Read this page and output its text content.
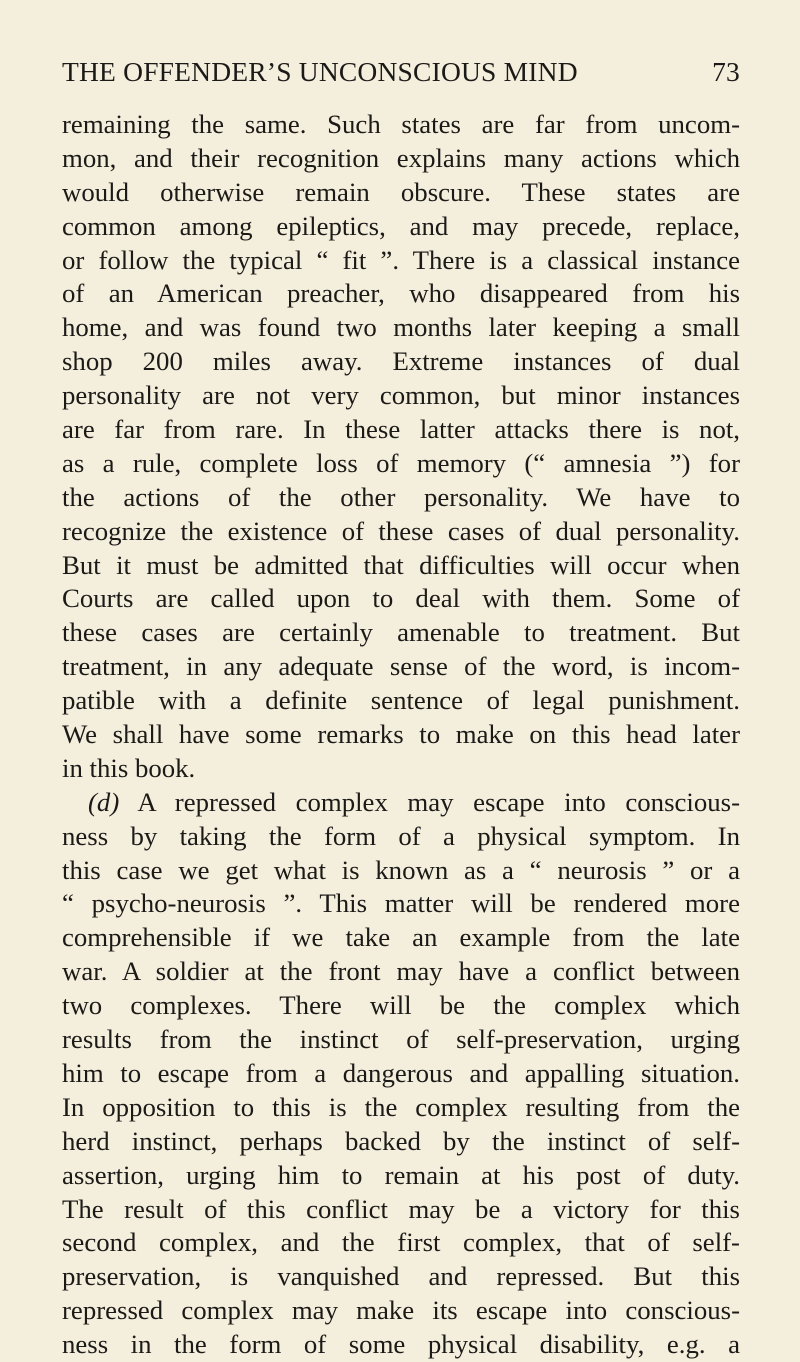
THE OFFENDER’S UNCONSCIOUS MIND	73
remaining the same. Such states are far from uncom-
mon, and their recognition explains many actions which
would otherwise remain obscure. These states are
common among epileptics, and may precede, replace,
or follow the typical “ fit ”. There is a classical instance
of an American preacher, who disappeared from his
home, and was found two months later keeping a small
shop 200 miles away. Extreme instances of dual
personality are not very common, but minor instances
are far from rare. In these latter attacks there is not,
as a rule, complete loss of memory (“ amnesia ”) for
the actions of the other personality. We have to
recognize the existence of these cases of dual personality.
But it must be admitted that difficulties will occur when
Courts are called upon to deal with them. Some of
these cases are certainly amenable to treatment. But
treatment, in any adequate sense of the word, is incom-
patible with a definite sentence of legal punishment.
We shall have some remarks to make on this head later
in this book.
(d) A repressed complex may escape into conscious-
ness by taking the form of a physical symptom. In
this case we get what is known as a “ neurosis ” or a
“ psycho-neurosis ”. This matter will be rendered more
comprehensible if we take an example from the late
war. A soldier at the front may have a conflict between
two complexes. There will be the complex which
results from the instinct of self-preservation, urging
him to escape from a dangerous and appalling situation.
In opposition to this is the complex resulting from the
herd instinct, perhaps backed by the instinct of self-
assertion, urging him to remain at his post of duty.
The result of this conflict may be a victory for this
second complex, and the first complex, that of self-
preservation, is vanquished and repressed. But this
repressed complex may make its escape into conscious-
ness in the form of some physical disability, e.g. a
